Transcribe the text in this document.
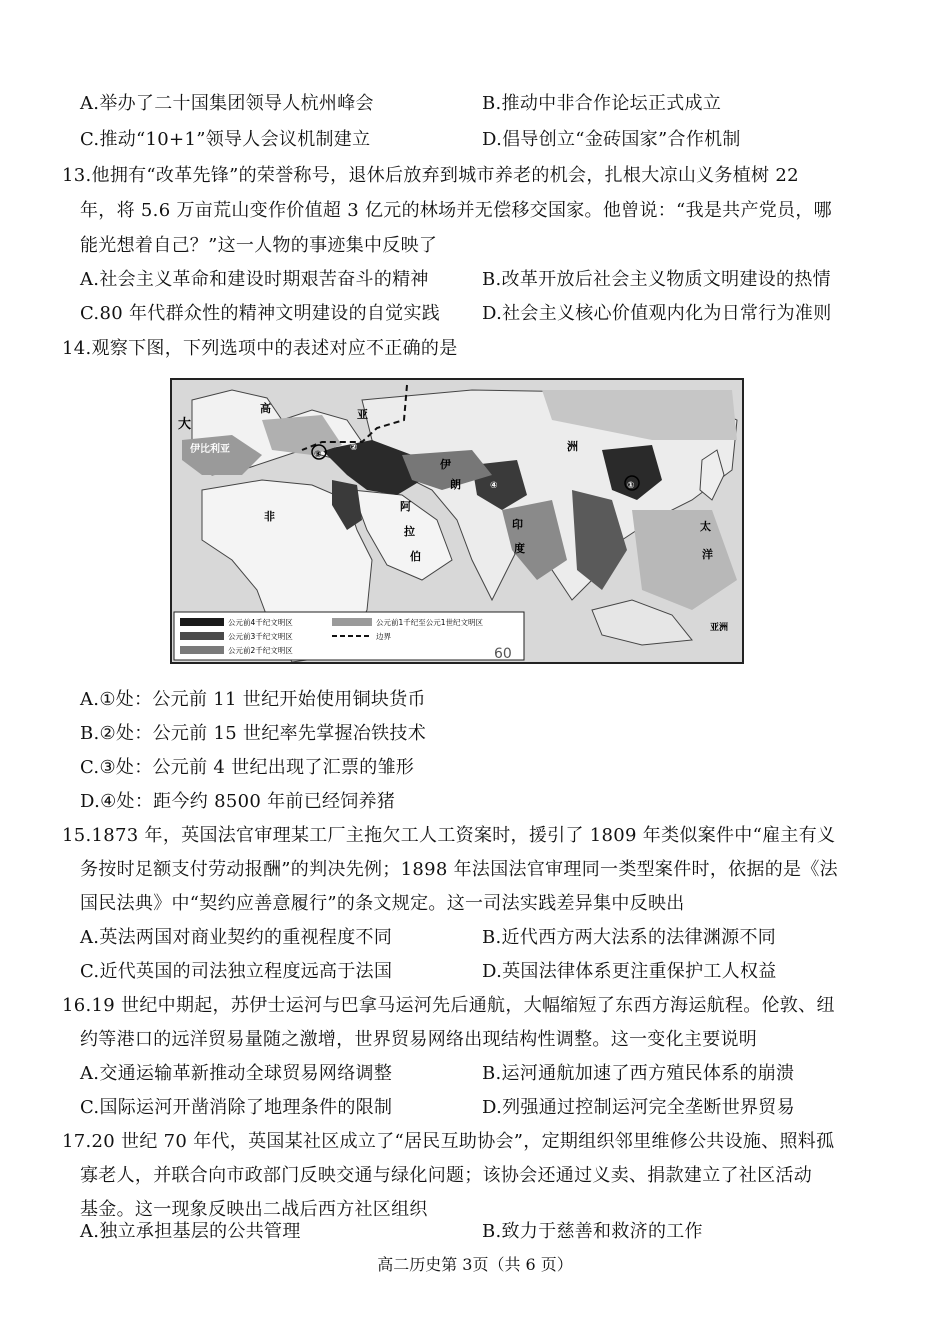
A.举办了二十国集团领导人杭州峰会	B.推动中非合作论坛正式成立
C.推动“10+1”领导人会议机制建立	D.倡导创立“金砖国家”合作机制
13.他拥有“改革先锋”的荣誉称号，退休后放弃到城市养老的机会，扎根大凉山义务植树 22
年，将 5.6 万亩荒山变作价值超 3 亿元的林场并无偿移交国家。他曾说：“我是共产党员，哪
能光想着自己？”这一人物的事迹集中反映了
A.社会主义革命和建设时期艰苦奋斗的精神	B.改革开放后社会主义物质文明建设的热情
C.80 年代群众性的精神文明建设的自觉实践 D.社会主义核心价值观内化为日常行为准则
14.观察下图，下列选项中的表述对应不正确的是
大
高
伊比利亚	③
②
①
④
亚
伊
朗
阿
拉
伯
印
度
非
洲
太
洋
亚洲
公元前4千纪文明区
公元前3千纪文明区
公元前2千纪文明区
公元前1千纪至公元1世纪文明区
边界
60
A.①处：公元前 11 世纪开始使用铜块货币
B.②处：公元前 15 世纪率先掌握冶铁技术
C.③处：公元前 4 世纪出现了汇票的雏形
D.④处：距今约 8500 年前已经饲养猪
15.1873 年，英国法官审理某工厂主拖欠工人工资案时，援引了 1809 年类似案件中“雇主有义
务按时足额支付劳动报酬”的判决先例；1898 年法国法官审理同一类型案件时，依据的是《法
国民法典》中“契约应善意履行”的条文规定。这一司法实践差异集中反映出
A.英法两国对商业契约的重视程度不同	B.近代西方两大法系的法律渊源不同
C.近代英国的司法独立程度远高于法国	D.英国法律体系更注重保护工人权益
16.19 世纪中期起，苏伊士运河与巴拿马运河先后通航，大幅缩短了东西方海运航程。伦敦、纽
约等港口的远洋贸易量随之激增，世界贸易网络出现结构性调整。这一变化主要说明
A.交通运输革新推动全球贸易网络调整	B.运河通航加速了西方殖民体系的崩溃
C.国际运河开凿消除了地理条件的限制	D.列强通过控制运河完全垄断世界贸易
17.20 世纪 70 年代，英国某社区成立了“居民互助协会”，定期组织邻里维修公共设施、照料孤
寡老人，并联合向市政部门反映交通与绿化问题；该协会还通过义卖、捐款建立了社区活动
基金。这一现象反映出二战后西方社区组织
A.独立承担基层的公共管理	B.致力于慈善和救济的工作
高二历史第 3页（共 6 页）
